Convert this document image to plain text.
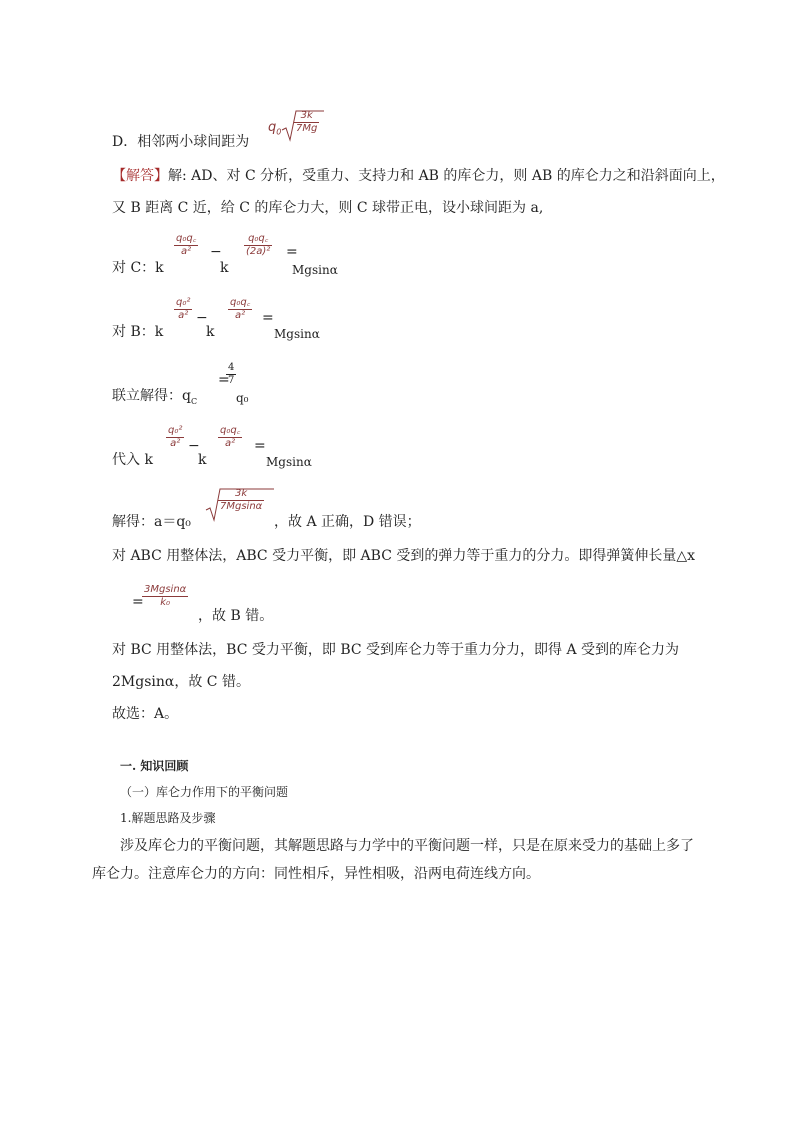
D．相邻两小球间距为
$q_0 \frac{3k}{7Mg}$
【解答】解: AD、对 C 分析，受重力、支持力和 AB 的库仑力，则 AB 的库仑力之和沿斜面向上，
又 B 距离 C 近，给 C 的库仑力大，则 C 球带正电，设小球间距为 a,
对 C：k
$\frac{\text{q₀q꜀}}{\text{a²}}$ −
k
$\frac{\text{q₀q꜀}}{\text{(2a)²}}$ =
Mgsinα
对 B：k
$\frac{\text{q₀²}}{\text{a²}}$ −
k
$\frac{\text{q₀q꜀}}{\text{a²}}$ =
Mgsinα
联立解得：$q_C$
=
$\frac{4}{7}$
q₀
代入 k
$\frac{\text{q₀²}}{\text{a²}}$ −
k
$\frac{\text{q₀q꜀}}{\text{a²}}$ =
Mgsinα
解得：a＝q₀
$\frac{3k}{7Mgsin\alpha}$
，故 A 正确，D 错误；
对 ABC 用整体法，ABC 受力平衡，即 ABC 受到的弹力等于重力的分力。即得弹簧伸长量△x
=
$\frac{3Mgsin\alpha}{\text{k₀}}$
，故 B 错。
对 BC 用整体法，BC 受力平衡，即 BC 受到库仑力等于重力分力，即得 A 受到的库仑力为
2Mgsinα，故 C 错。
故选：A。
一. 知识回顾
（一）库仑力作用下的平衡问题
1.解题思路及步骤
涉及库仑力的平衡问题，其解题思路与力学中的平衡问题一样，只是在原来受力的基础上多了
库仑力。注意库仑力的方向：同性相斥，异性相吸，沿两电荷连线方向。
